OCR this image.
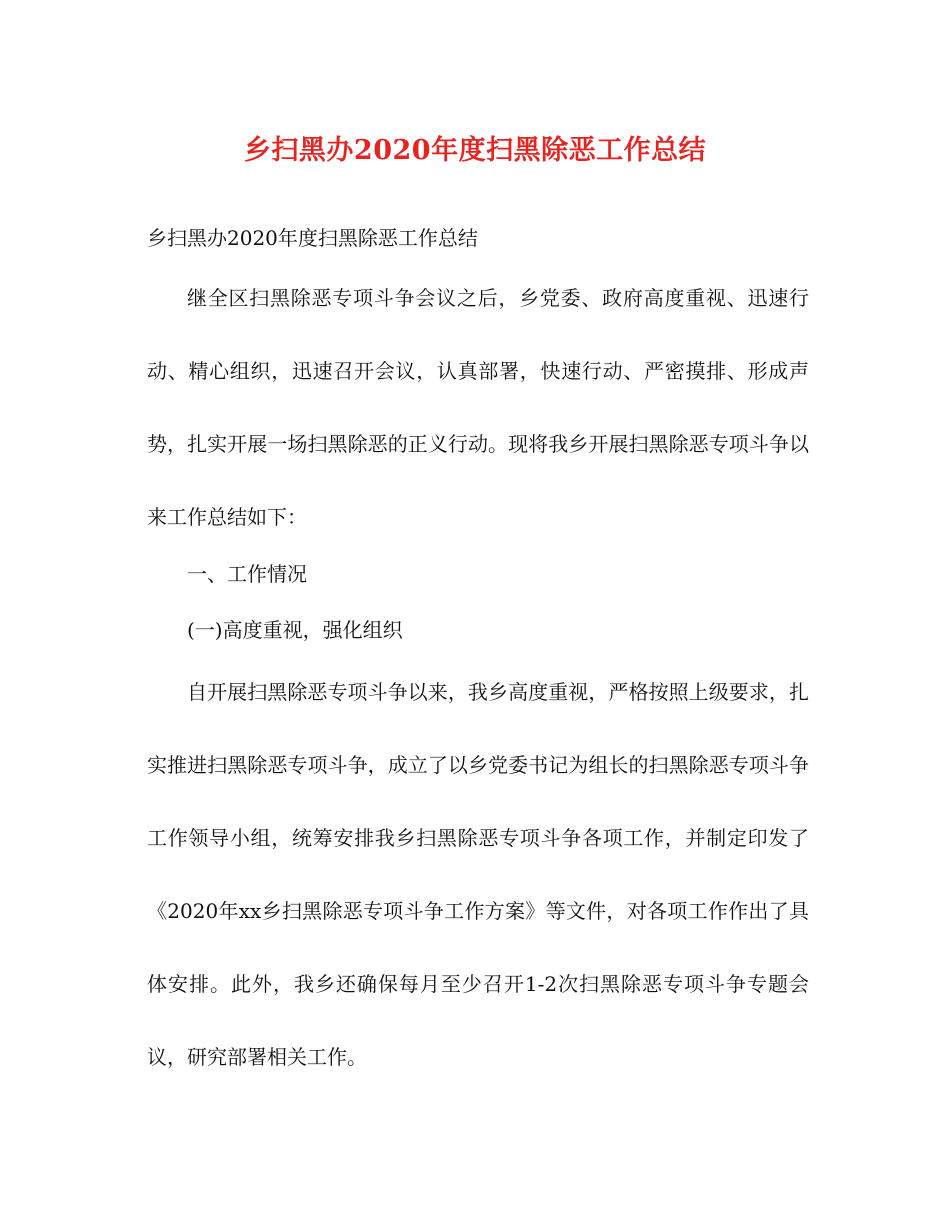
乡扫黑办2020年度扫黑除恶工作总结

乡扫黑办2020年度扫黑除恶工作总结

继全区扫黑除恶专项斗争会议之后，乡党委、政府高度重视、迅速行动、精心组织，迅速召开会议，认真部署，快速行动、严密摸排、形成声势，扎实开展一场扫黑除恶的正义行动。现将我乡开展扫黑除恶专项斗争以来工作总结如下：

一、工作情况

(一)高度重视，强化组织

自开展扫黑除恶专项斗争以来，我乡高度重视，严格按照上级要求，扎实推进扫黑除恶专项斗争，成立了以乡党委书记为组长的扫黑除恶专项斗争工作领导小组，统筹安排我乡扫黑除恶专项斗争各项工作，并制定印发了《2020年xx乡扫黑除恶专项斗争工作方案》等文件，对各项工作作出了具体安排。此外，我乡还确保每月至少召开1-2次扫黑除恶专项斗争专题会议，研究部署相关工作。
